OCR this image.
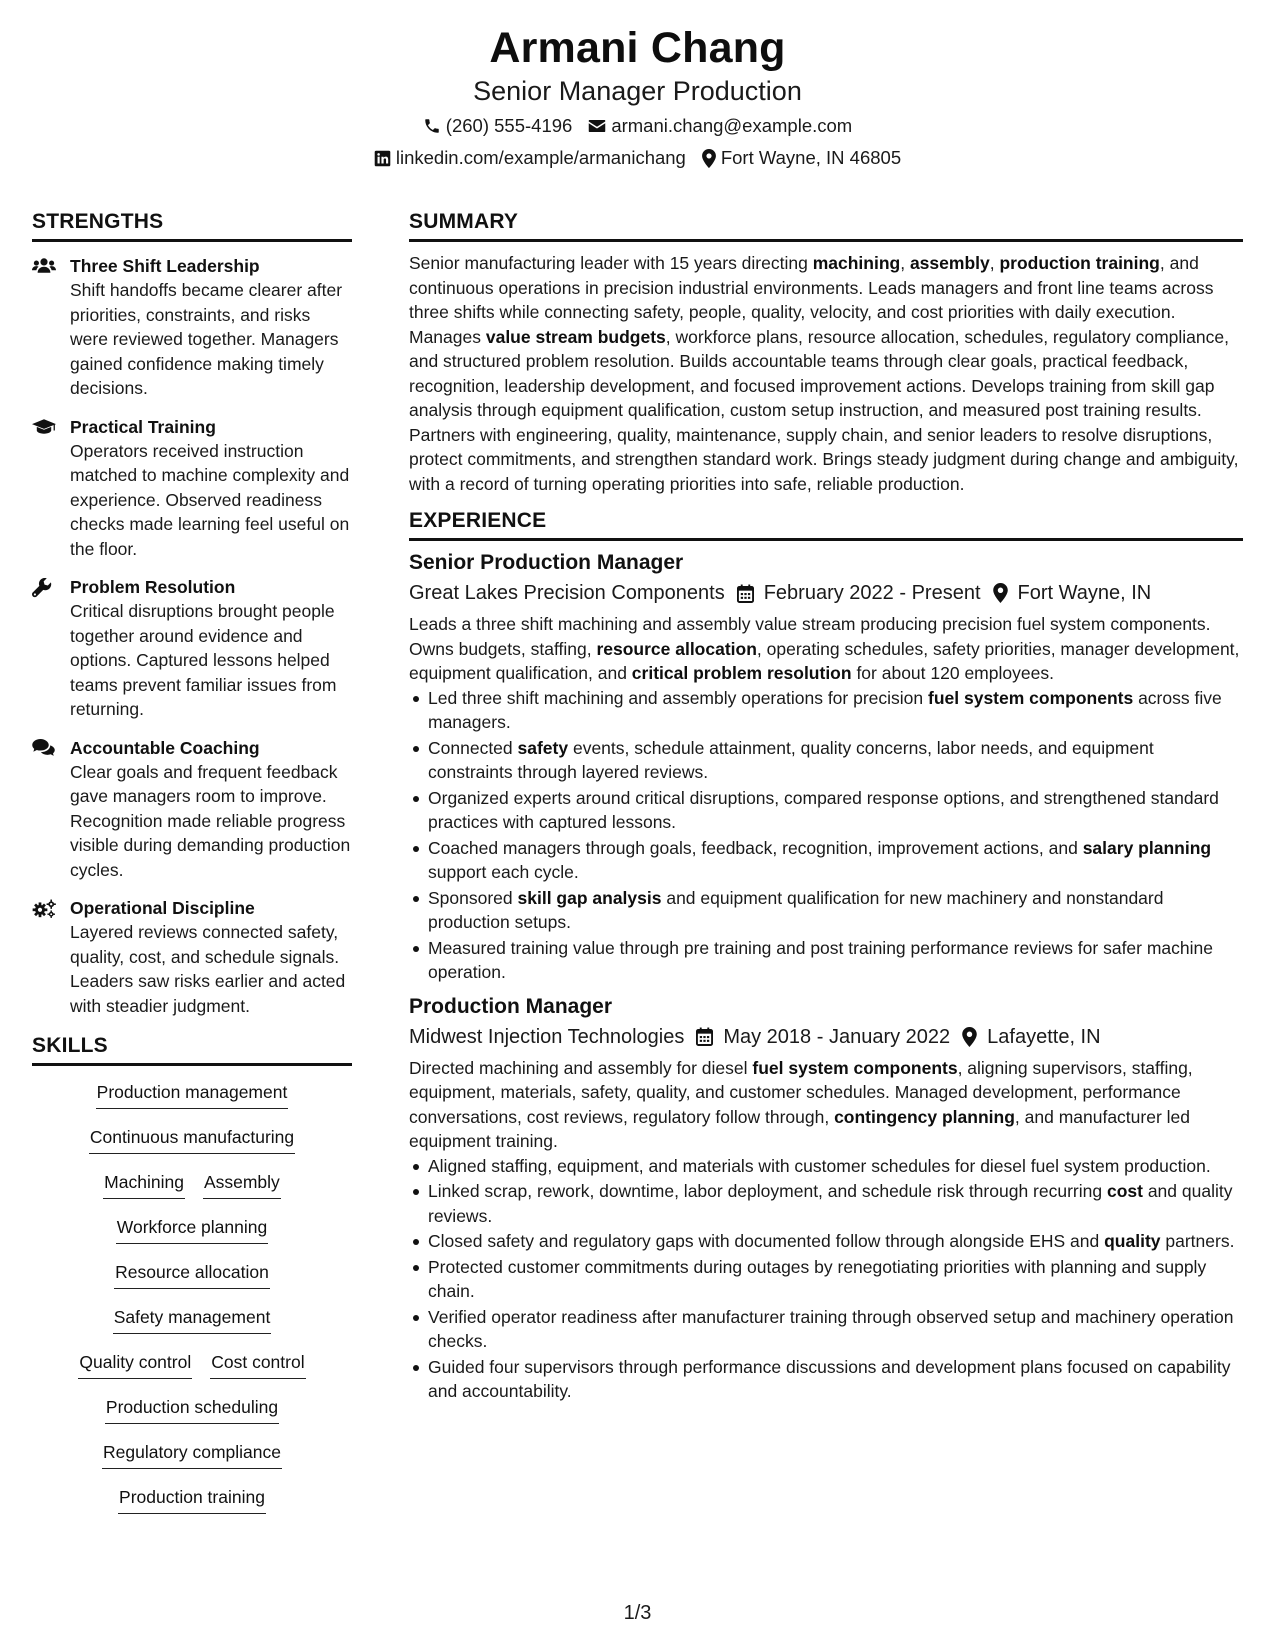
Armani Chang
Senior Manager Production
(260) 555-4196 armani.chang@example.com
linkedin.com/example/armanichang Fort Wayne, IN 46805
STRENGTHS
Three Shift Leadership
Shift handoffs became clearer after priorities, constraints, and risks were reviewed together. Managers gained confidence making timely decisions.
Practical Training
Operators received instruction matched to machine complexity and experience. Observed readiness checks made learning feel useful on the floor.
Problem Resolution
Critical disruptions brought people together around evidence and options. Captured lessons helped teams prevent familiar issues from returning.
Accountable Coaching
Clear goals and frequent feedback gave managers room to improve. Recognition made reliable progress visible during demanding production cycles.
Operational Discipline
Layered reviews connected safety, quality, cost, and schedule signals. Leaders saw risks earlier and acted with steadier judgment.
SKILLS
Production management
Continuous manufacturing
Machining Assembly
Workforce planning
Resource allocation
Safety management
Quality control Cost control
Production scheduling
Regulatory compliance
Production training
SUMMARY
Senior manufacturing leader with 15 years directing machining, assembly, production training, and continuous operations in precision industrial environments. Leads managers and front line teams across three shifts while connecting safety, people, quality, velocity, and cost priorities with daily execution. Manages value stream budgets, workforce plans, resource allocation, schedules, regulatory compliance, and structured problem resolution. Builds accountable teams through clear goals, practical feedback, recognition, leadership development, and focused improvement actions. Develops training from skill gap analysis through equipment qualification, custom setup instruction, and measured post training results. Partners with engineering, quality, maintenance, supply chain, and senior leaders to resolve disruptions, protect commitments, and strengthen standard work. Brings steady judgment during change and ambiguity, with a record of turning operating priorities into safe, reliable production.
EXPERIENCE
Senior Production Manager
Great Lakes Precision Components February 2022 - Present Fort Wayne, IN
Leads a three shift machining and assembly value stream producing precision fuel system components. Owns budgets, staffing, resource allocation, operating schedules, safety priorities, manager development, equipment qualification, and critical problem resolution for about 120 employees.
Led three shift machining and assembly operations for precision fuel system components across five managers.
Connected safety events, schedule attainment, quality concerns, labor needs, and equipment constraints through layered reviews.
Organized experts around critical disruptions, compared response options, and strengthened standard practices with captured lessons.
Coached managers through goals, feedback, recognition, improvement actions, and salary planning support each cycle.
Sponsored skill gap analysis and equipment qualification for new machinery and nonstandard production setups.
Measured training value through pre training and post training performance reviews for safer machine operation.
Production Manager
Midwest Injection Technologies May 2018 - January 2022 Lafayette, IN
Directed machining and assembly for diesel fuel system components, aligning supervisors, staffing, equipment, materials, safety, quality, and customer schedules. Managed development, performance conversations, cost reviews, regulatory follow through, contingency planning, and manufacturer led equipment training.
Aligned staffing, equipment, and materials with customer schedules for diesel fuel system production.
Linked scrap, rework, downtime, labor deployment, and schedule risk through recurring cost and quality reviews.
Closed safety and regulatory gaps with documented follow through alongside EHS and quality partners.
Protected customer commitments during outages by renegotiating priorities with planning and supply chain.
Verified operator readiness after manufacturer training through observed setup and machinery operation checks.
Guided four supervisors through performance discussions and development plans focused on capability and accountability.
1/3
